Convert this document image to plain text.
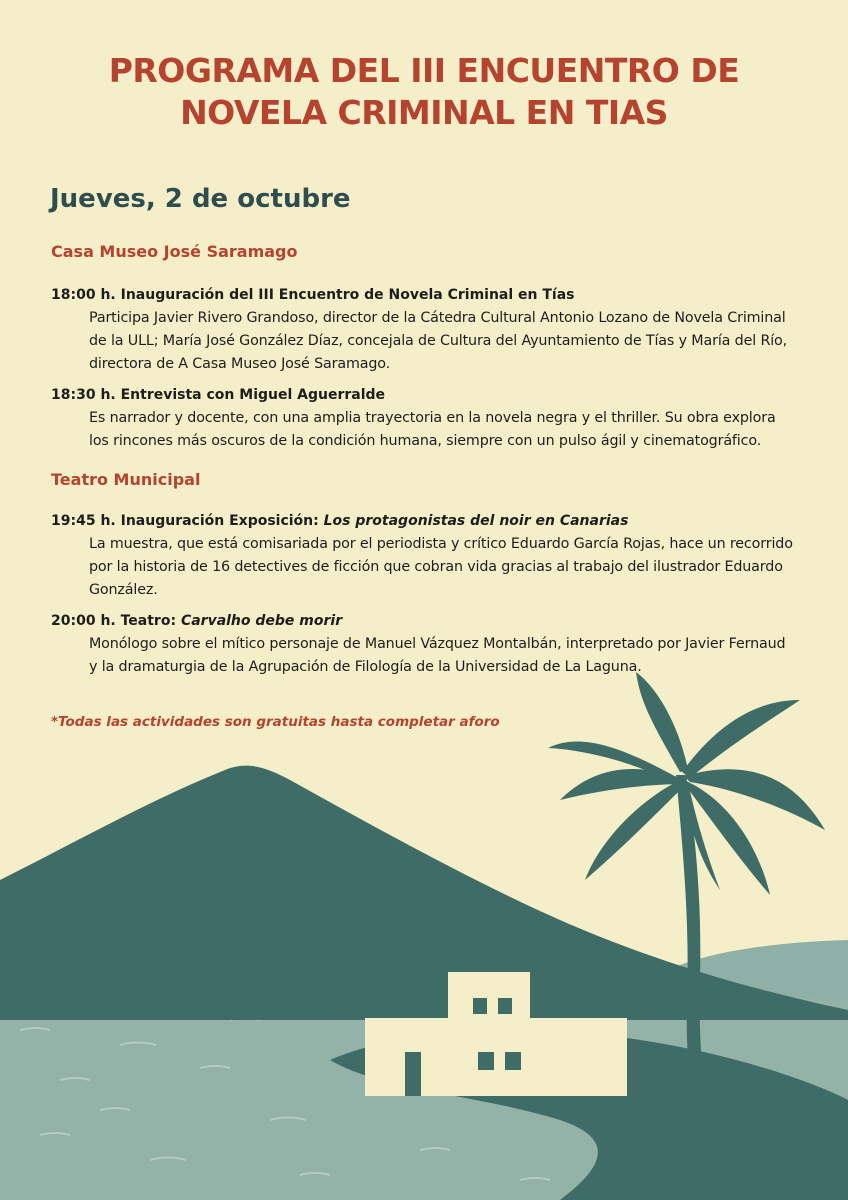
PROGRAMA DEL III ENCUENTRO DE
NOVELA CRIMINAL EN TIAS
Jueves, 2 de octubre
Casa Museo José Saramago
18:00 h. Inauguración del III Encuentro de Novela Criminal en Tías
Participa Javier Rivero Grandoso, director de la Cátedra Cultural Antonio Lozano de Novela Criminal de la ULL; María José González Díaz, concejala de Cultura del Ayuntamiento de Tías y María del Río, directora de A Casa Museo José Saramago.
18:30 h. Entrevista con Miguel Aguerralde
Es narrador y docente, con una amplia trayectoria en la novela negra y el thriller. Su obra explora los rincones más oscuros de la condición humana, siempre con un pulso ágil y cinematográfico.
Teatro Municipal
19:45 h. Inauguración Exposición: Los protagonistas del noir en Canarias
La muestra, que está comisariada por el periodista y crítico Eduardo García Rojas, hace un recorrido por la historia de 16 detectives de ficción que cobran vida gracias al trabajo del ilustrador Eduardo González.
20:00 h. Teatro: Carvalho debe morir
Monólogo sobre el mítico personaje de Manuel Vázquez Montalbán, interpretado por Javier Fernaud y la dramaturgia de la Agrupación de Filología de la Universidad de La Laguna.
*Todas las actividades son gratuitas hasta completar aforo
